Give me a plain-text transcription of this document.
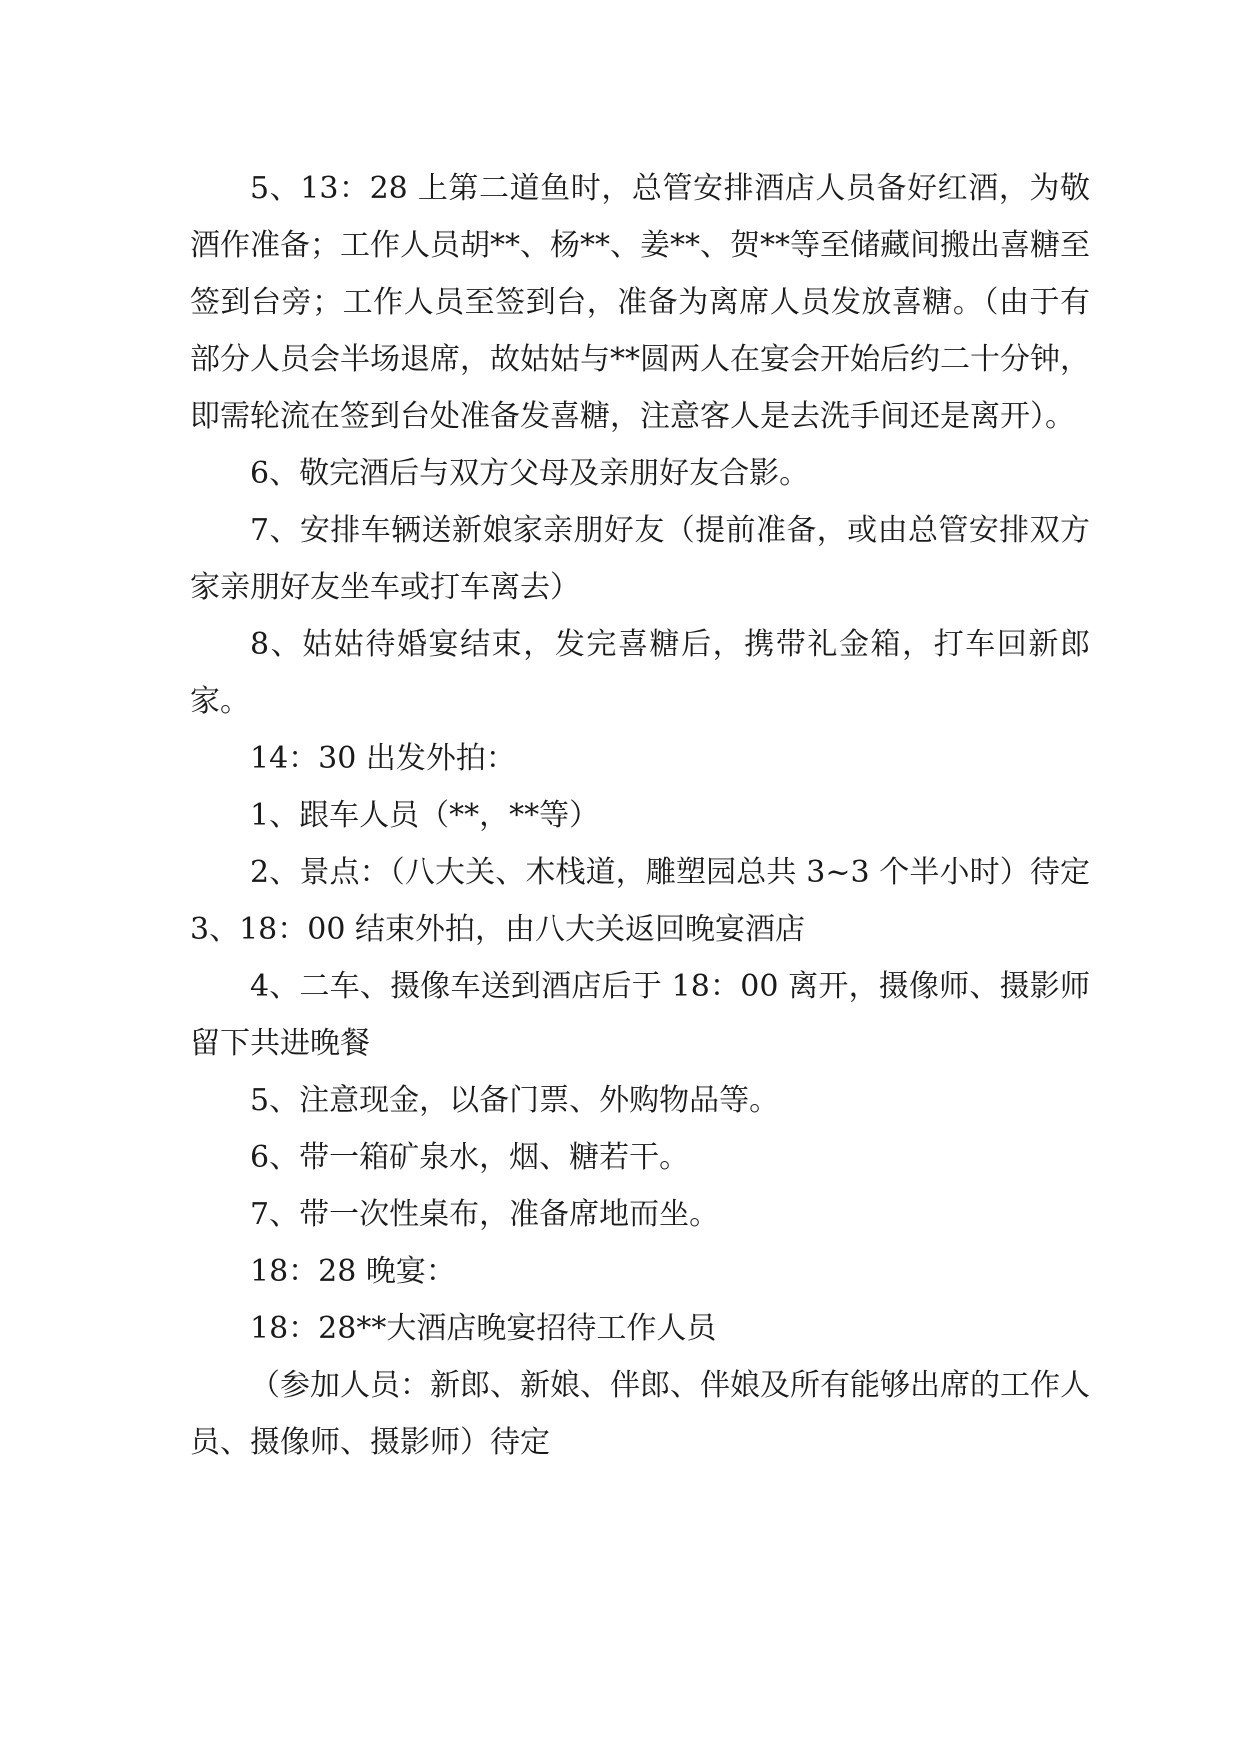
5、13：28 上第二道鱼时，总管安排酒店人员备好红酒，为敬酒作准备；工作人员胡**、杨**、姜**、贺**等至储藏间搬出喜糖至签到台旁；工作人员至签到台，准备为离席人员发放喜糖。（由于有部分人员会半场退席，故姑姑与**圆两人在宴会开始后约二十分钟，即需轮流在签到台处准备发喜糖，注意客人是去洗手间还是离开）。

6、敬完酒后与双方父母及亲朋好友合影。

7、安排车辆送新娘家亲朋好友（提前准备，或由总管安排双方家亲朋好友坐车或打车离去）

8、姑姑待婚宴结束，发完喜糖后，携带礼金箱，打车回新郎家。

14：30 出发外拍：

1、跟车人员（**，**等）

2、景点：（八大关、木栈道，雕塑园总共 3~3 个半小时）待定 3、18：00 结束外拍，由八大关返回晚宴酒店

4、二车、摄像车送到酒店后于 18：00 离开，摄像师、摄影师留下共进晚餐

5、注意现金，以备门票、外购物品等。

6、带一箱矿泉水，烟、糖若干。

7、带一次性桌布，准备席地而坐。

18：28 晚宴：

18：28**大酒店晚宴招待工作人员

（参加人员：新郎、新娘、伴郎、伴娘及所有能够出席的工作人员、摄像师、摄影师）待定
